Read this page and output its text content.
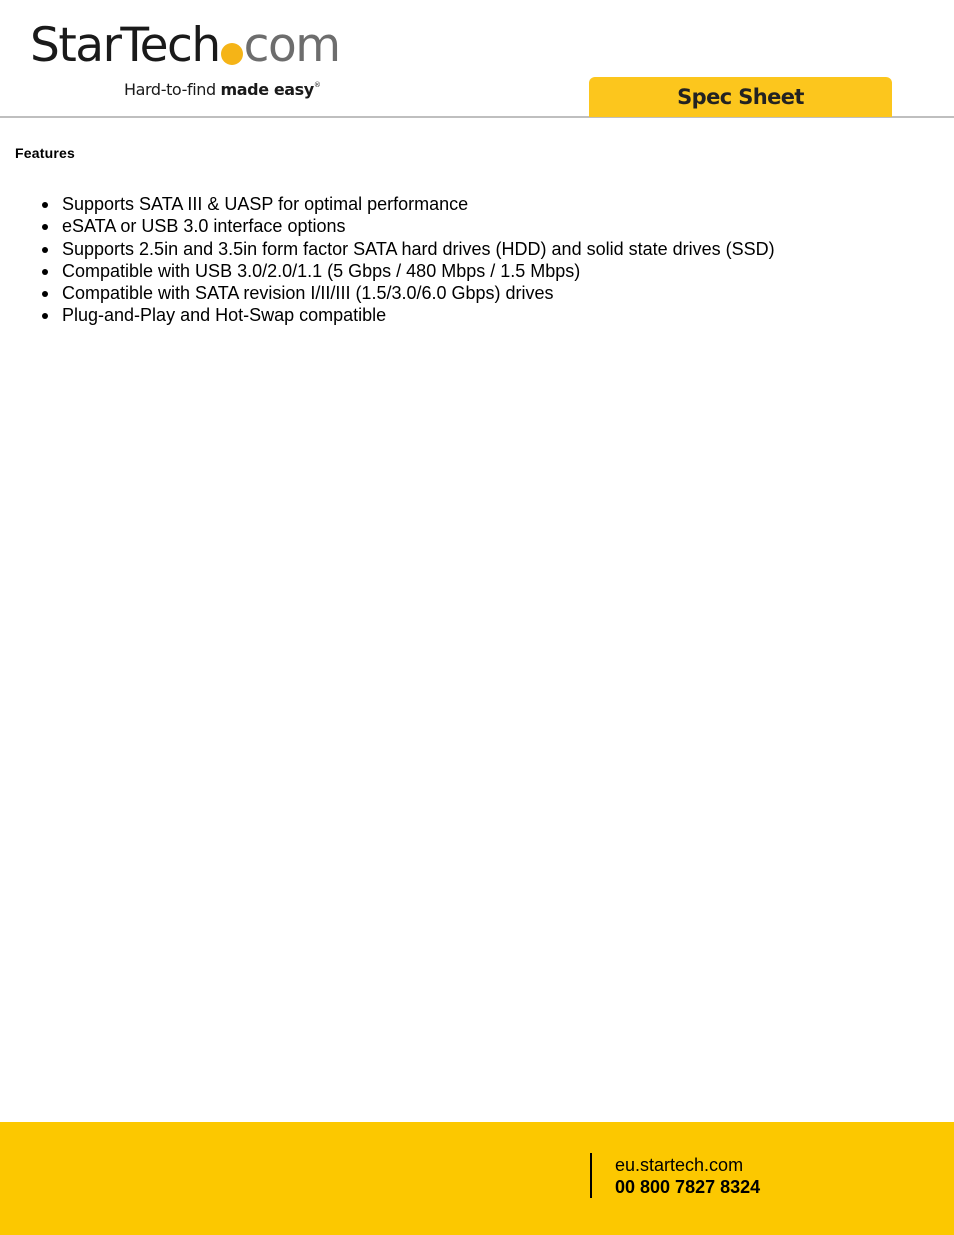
StarTech com
Hard-to-find made easy®	Spec Sheet
Features
Supports SATA III & UASP for optimal performance
eSATA or USB 3.0 interface options
Supports 2.5in and 3.5in form factor SATA hard drives (HDD) and solid state drives (SSD)
Compatible with USB 3.0/2.0/1.1 (5 Gbps / 480 Mbps / 1.5 Mbps)
Compatible with SATA revision I/II/III (1.5/3.0/6.0 Gbps) drives
Plug-and-Play and Hot-Swap compatible
eu.startech.com
00 800 7827 8324
